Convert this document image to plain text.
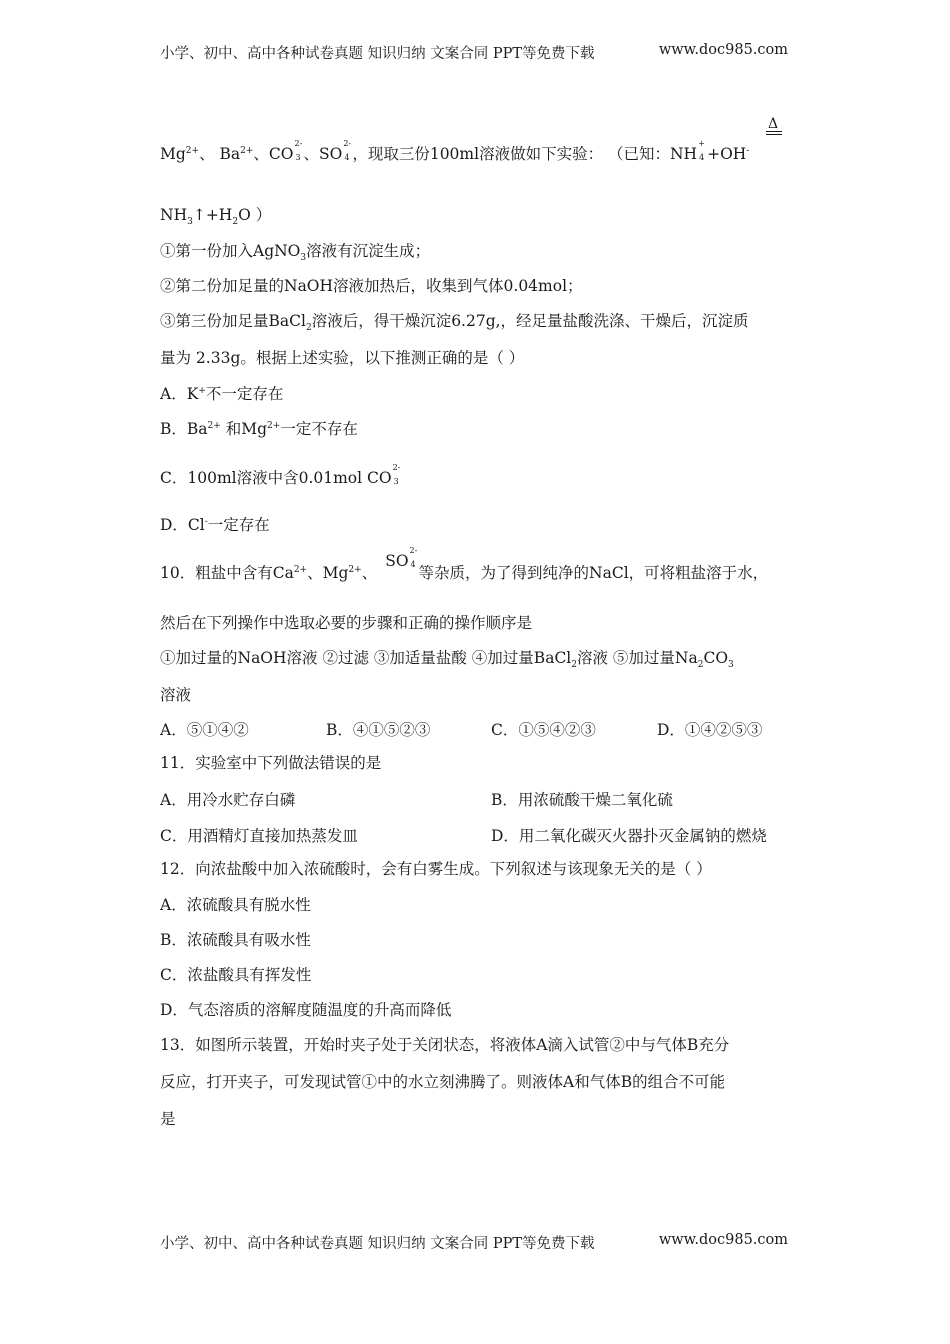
小学、初中、高中各种试卷真题 知识归纳 文案合同 PPT等免费下载	www.doc985.com
$Mg^{2+}$、 $Ba^{2+}$、CO
2-
3 、SO
2-
4 ，现取三份100ml溶液做如下实验： （已知：NH
+
4 +OH-
Δ
$NH_3↑+H_2O$ ）
①第一份加入AgNO$_3$溶液有沉淀生成；
②第二份加足量的NaOH溶液加热后，收集到气体0.04mol；
③第三份加足量BaCl$_2$溶液后，得干燥沉淀6.27g,，经足量盐酸洗涤、干燥后，沉淀质
量为 2.33g。根据上述实验，以下推测正确的是（ ）
A．K+不一定存在
B．$Ba^{2+}$ 和$Mg^{2+}$一定不存在
C．100ml溶液中含0.01mol CO
2-
3
D．Cl-一定存在
10．粗盐中含有$Ca^{2+}$、$Mg^{2+}$、SO
2-
4 等杂质，为了得到纯净的NaCl，可将粗盐溶于水，
然后在下列操作中选取必要的步骤和正确的操作顺序是
①加过量的NaOH溶液 ②过滤 ③加适量盐酸 ④加过量BaCl$_2$溶液 ⑤加过量$Na_2CO_3$
溶液
A．⑤①④②	B．④①⑤②③	C．①⑤④②③	D．①④②⑤③
11．实验室中下列做法错误的是
A．用冷水贮存白磷	B．用浓硫酸干燥二氧化硫
C．用酒精灯直接加热蒸发皿	D．用二氧化碳灭火器扑灭金属钠的燃烧
12．向浓盐酸中加入浓硫酸时，会有白雾生成。下列叙述与该现象无关的是（ ）
A．浓硫酸具有脱水性
B．浓硫酸具有吸水性
C．浓盐酸具有挥发性
D．气态溶质的溶解度随温度的升高而降低
13．如图所示装置，开始时夹子处于关闭状态，将液体A滴入试管②中与气体B充分
反应，打开夹子，可发现试管①中的水立刻沸腾了。则液体A和气体B的组合不可能
是
小学、初中、高中各种试卷真题 知识归纳 文案合同 PPT等免费下载	www.doc985.com
